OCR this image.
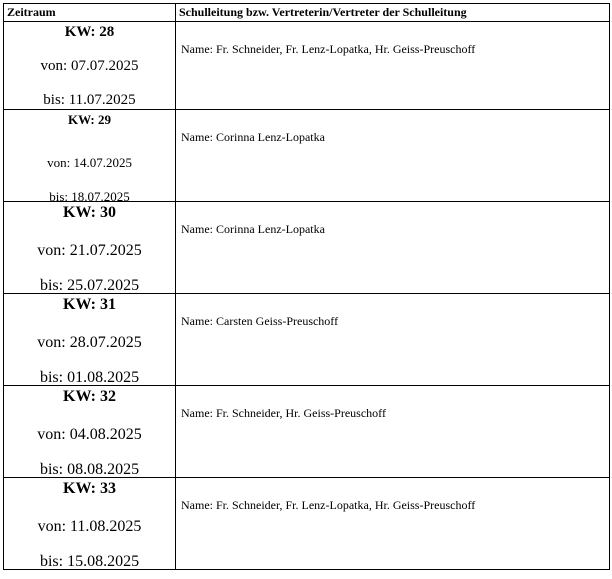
Zeitraum	Schulleitung bzw. Vertreterin/Vertreter der Schulleitung

KW: 28
von: 07.07.2025
bis: 11.07.2025	Name: Fr. Schneider, Fr. Lenz-Lopatka, Hr. Geiss-Preuschoff

KW: 29
von: 14.07.2025
bis: 18.07.2025	Name: Corinna Lenz-Lopatka

KW: 30
von: 21.07.2025
bis: 25.07.2025	Name: Corinna Lenz-Lopatka

KW: 31
von: 28.07.2025
bis: 01.08.2025	Name: Carsten Geiss-Preuschoff

KW: 32
von: 04.08.2025
bis: 08.08.2025	Name: Fr. Schneider, Hr. Geiss-Preuschoff

KW: 33
von: 11.08.2025
bis: 15.08.2025	Name: Fr. Schneider, Fr. Lenz-Lopatka, Hr. Geiss-Preuschoff
